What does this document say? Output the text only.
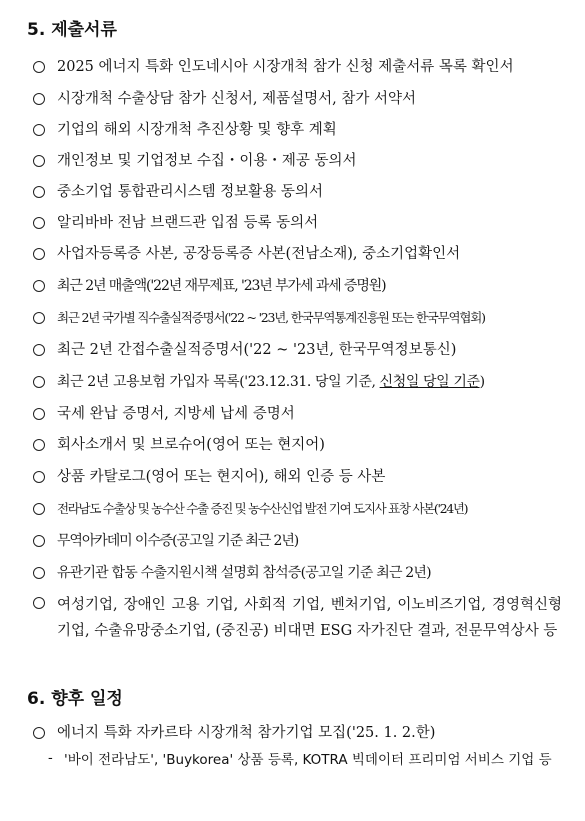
5. 제출서류
2025 에너지 특화 인도네시아 시장개척 참가 신청 제출서류 목록 확인서
시장개척 수출상담 참가 신청서, 제품설명서, 참가 서약서
기업의 해외 시장개척 추진상황 및 향후 계획
개인정보 및 기업정보 수집・이용・제공 동의서
중소기업 통합관리시스템 정보활용 동의서
알리바바 전남 브랜드관 입점 등록 동의서
사업자등록증 사본, 공장등록증 사본(전남소재), 중소기업확인서
최근 2년 매출액('22년 재무제표, '23년 부가세 과세 증명원)
최근 2년 국가별 직수출실적증명서('22 ~ '23년, 한국무역통계진흥원 또는 한국무역협회)
최근 2년 간접수출실적증명서('22 ~ '23년, 한국무역정보통신)
최근 2년 고용보험 가입자 목록('23.12.31. 당일 기준, 신청일 당일 기준)
국세 완납 증명서, 지방세 납세 증명서
회사소개서 및 브로슈어(영어 또는 현지어)
상품 카탈로그(영어 또는 현지어), 해외 인증 등 사본
전라남도 수출상 및 농수산 수출 증진 및 농수산신업 발전 기여 도지사 표창 사본('24년)
무역아카데미 이수증(공고일 기준 최근 2년)
유관기관 합동 수출지원시책 설명회 참석증(공고일 기준 최근 2년)
여성기업, 장애인 고용 기업, 사회적 기업, 벤처기업, 이노비즈기업, 경영혁신형기업, 수출유망중소기업, (중진공) 비대면 ESG 자가진단 결과, 전문무역상사 등
6. 향후 일정
에너지 특화 자카르타 시장개척 참가기업 모집('25. 1. 2.한)
- '바이 전라남도', 'Buykorea' 상품 등록, KOTRA 빅데이터 프리미엄 서비스 기업 등
